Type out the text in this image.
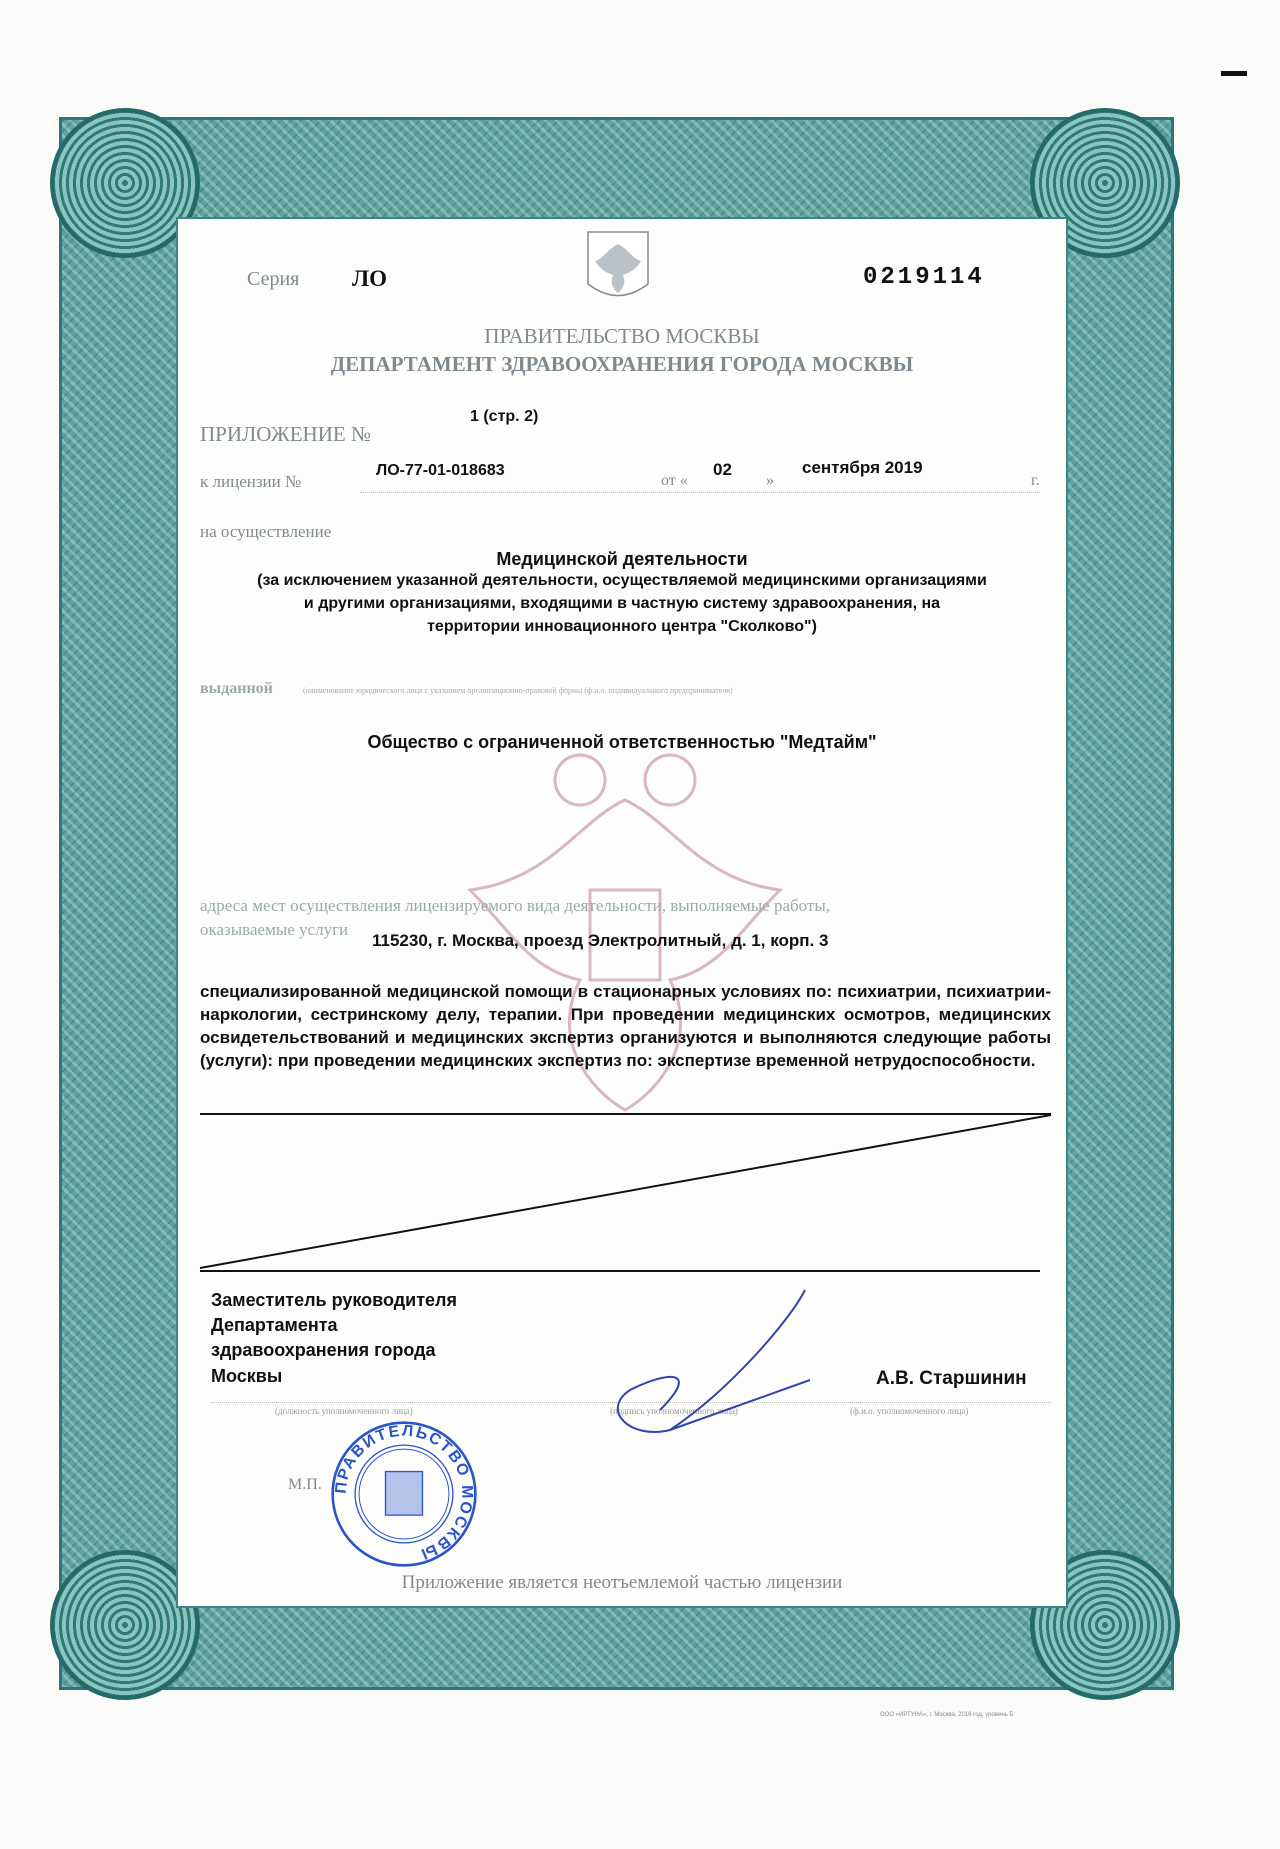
Серия ЛО	0219114
ПРАВИТЕЛЬСТВО МОСКВЫ
ДЕПАРТАМЕНТ ЗДРАВООХРАНЕНИЯ ГОРОДА МОСКВЫ
ПРИЛОЖЕНИЕ №
1 (стр. 2)
к лицензии №
ЛО-77-01-018683
от «
02
»
сентября 2019
г.
на осуществление
Медицинской деятельности
(за исключением указанной деятельности, осуществляемой медицинскими организациями
и другими организациями, входящими в частную систему здравоохранения, на
территории инновационного центра "Сколково")
выданной	(наименование юридического лица с указанием организационно-правовой формы (ф.и.о. индивидуального предпринимателя)
Общество с ограниченной ответственностью "Медтайм"
адреса мест осуществления лицензируемого вида деятельности, выполняемые работы,
оказываемые услуги
115230, г. Москва, проезд Электролитный, д. 1, корп. 3
специализированной медицинской помощи в стационарных условиях по: психиатрии, психиатрии-наркологии, сестринскому делу, терапии. При проведении медицинских осмотров, медицинских освидетельствований и медицинских экспертиз организуются и выполняются следующие работы (услуги): при проведении медицинских экспертиз по: экспертизе временной нетрудоспособности.
Заместитель руководителя
Департамента
здравоохранения города
Москвы	А.В. Старшинин
(должность уполномоченного лица)	(подпись уполномоченного лица)	(ф.и.о. уполномоченного лица)
ПРАВИТЕЛЬСТВО МОСКВЫ
М.П.
Приложение является неотъемлемой частью лицензии
ООО «ИРТУНА», г. Москва, 2016 год, уровень Б
